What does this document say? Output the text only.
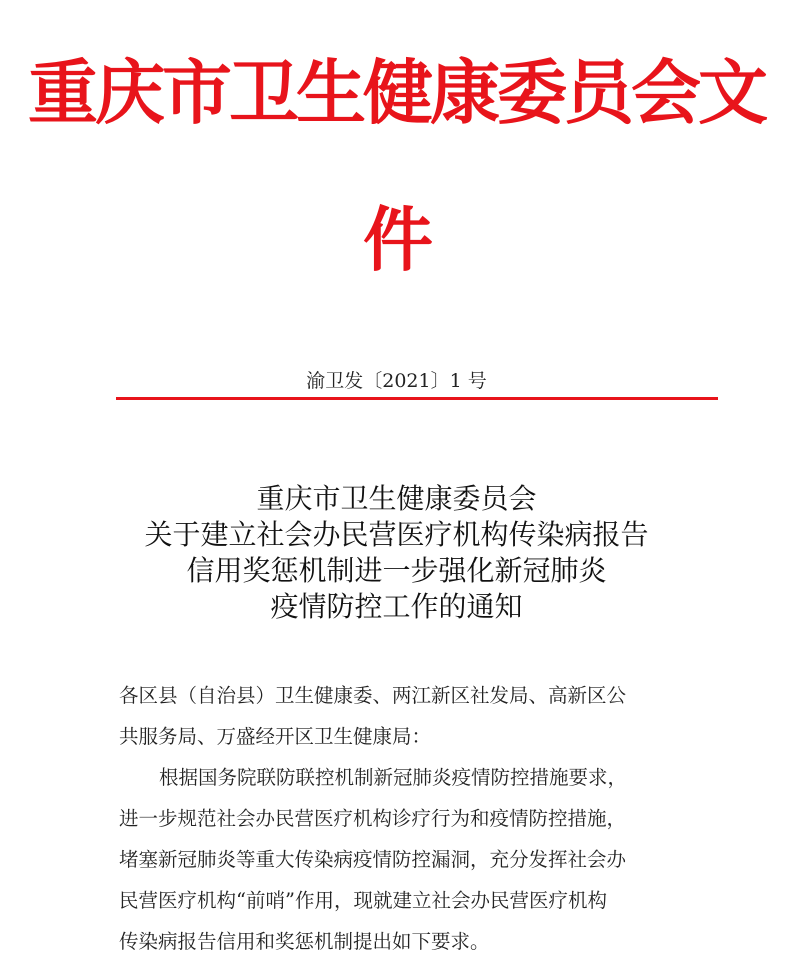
重庆市卫生健康委员会文
件
渝卫发〔2021〕1 号
重庆市卫生健康委员会
关于建立社会办民营医疗机构传染病报告
信用奖惩机制进一步强化新冠肺炎
疫情防控工作的通知
各区县（自治县）卫生健康委、两江新区社发局、高新区公
共服务局、万盛经开区卫生健康局：
根据国务院联防联控机制新冠肺炎疫情防控措施要求，
进一步规范社会办民营医疗机构诊疗行为和疫情防控措施，
堵塞新冠肺炎等重大传染病疫情防控漏洞，充分发挥社会办
民营医疗机构“前哨”作用，现就建立社会办民营医疗机构
传染病报告信用和奖惩机制提出如下要求。
